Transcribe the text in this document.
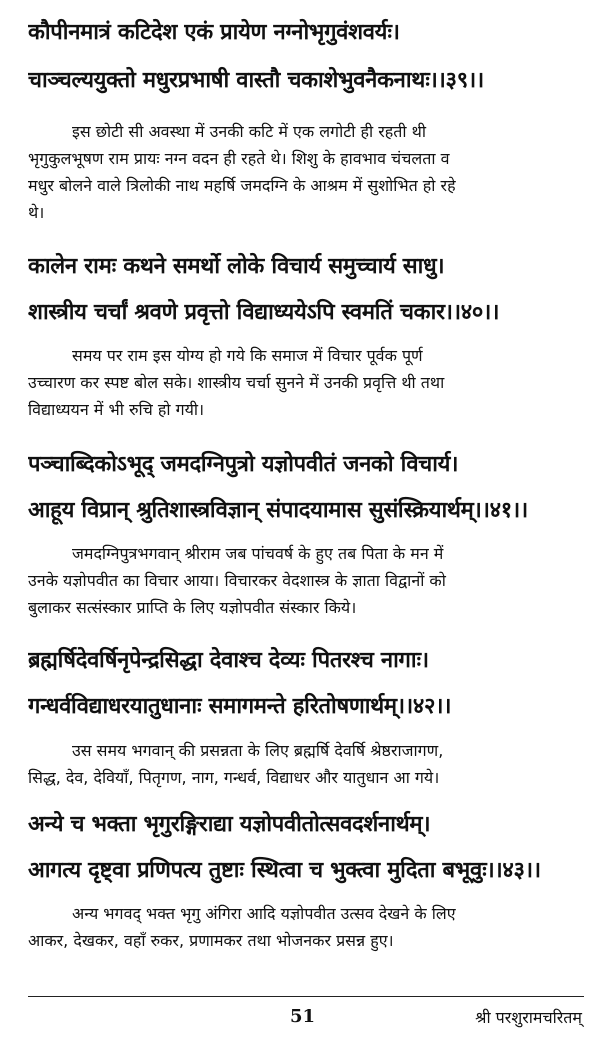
कौपीनमात्रं कटिदेश एकं प्रायेण नग्नोभृगुवंशवर्यः।
चाञ्चल्ययुक्तो मधुरप्रभाषी वास्तौ चकाशेभुवनैकनाथः।।३९।।
इस छोटी सी अवस्था में उनकी कटि में एक लगोटी ही रहती थी
भृगुकुलभूषण राम प्रायः नग्न वदन ही रहते थे। शिशु के हावभाव चंचलता व
मधुर बोलने वाले त्रिलोकी नाथ महर्षि जमदग्नि के आश्रम में सुशोभित हो रहे
थे।
कालेन रामः कथने समर्थो लोके विचार्य समुच्चार्य साधु।
शास्त्रीय चर्चां श्रवणे प्रवृत्तो विद्याध्ययेऽपि स्वमतिं चकार।।४०।।
समय पर राम इस योग्य हो गये कि समाज में विचार पूर्वक पूर्ण
उच्चारण कर स्पष्ट बोल सके। शास्त्रीय चर्चा सुनने में उनकी प्रवृत्ति थी तथा
विद्याध्ययन में भी रुचि हो गयी।
पञ्चाब्दिकोऽभूद् जमदग्निपुत्रो यज्ञोपवीतं जनको विचार्य।
आहूय विप्रान् श्रुतिशास्त्रविज्ञान् संपादयामास सुसंस्क्रियार्थम्।।४१।।
जमदग्निपुत्रभगवान् श्रीराम जब पांचवर्ष के हुए तब पिता के मन में
उनके यज्ञोपवीत का विचार आया। विचारकर वेदशास्त्र के ज्ञाता विद्वानों को
बुलाकर सत्संस्कार प्राप्ति के लिए यज्ञोपवीत संस्कार किये।
ब्रह्मर्षिदेवर्षिनृपेन्द्रसिद्धा देवाश्च देव्यः पितरश्च नागाः।
गन्धर्वविद्याधरयातुधानाः समागमन्ते हरितोषणार्थम्।।४२।।
उस समय भगवान् की प्रसन्नता के लिए ब्रह्मर्षि देवर्षि श्रेष्ठराजागण,
सिद्ध, देव, देवियाँ, पितृगण, नाग, गन्धर्व, विद्याधर और यातुधान आ गये।
अन्ये च भक्ता भृगुरङ्गिराद्या यज्ञोपवीतोत्सवदर्शनार्थम्।
आगत्य दृष्ट्वा प्रणिपत्य तुष्टाः स्थित्वा च भुक्त्वा मुदिता बभूवुः।।४३।।
अन्य भगवद् भक्त भृगु अंगिरा आदि यज्ञोपवीत उत्सव देखने के लिए
आकर, देखकर, वहाँ रुकर, प्रणामकर तथा भोजनकर प्रसन्न हुए।
51	श्री परशुरामचरितम्
